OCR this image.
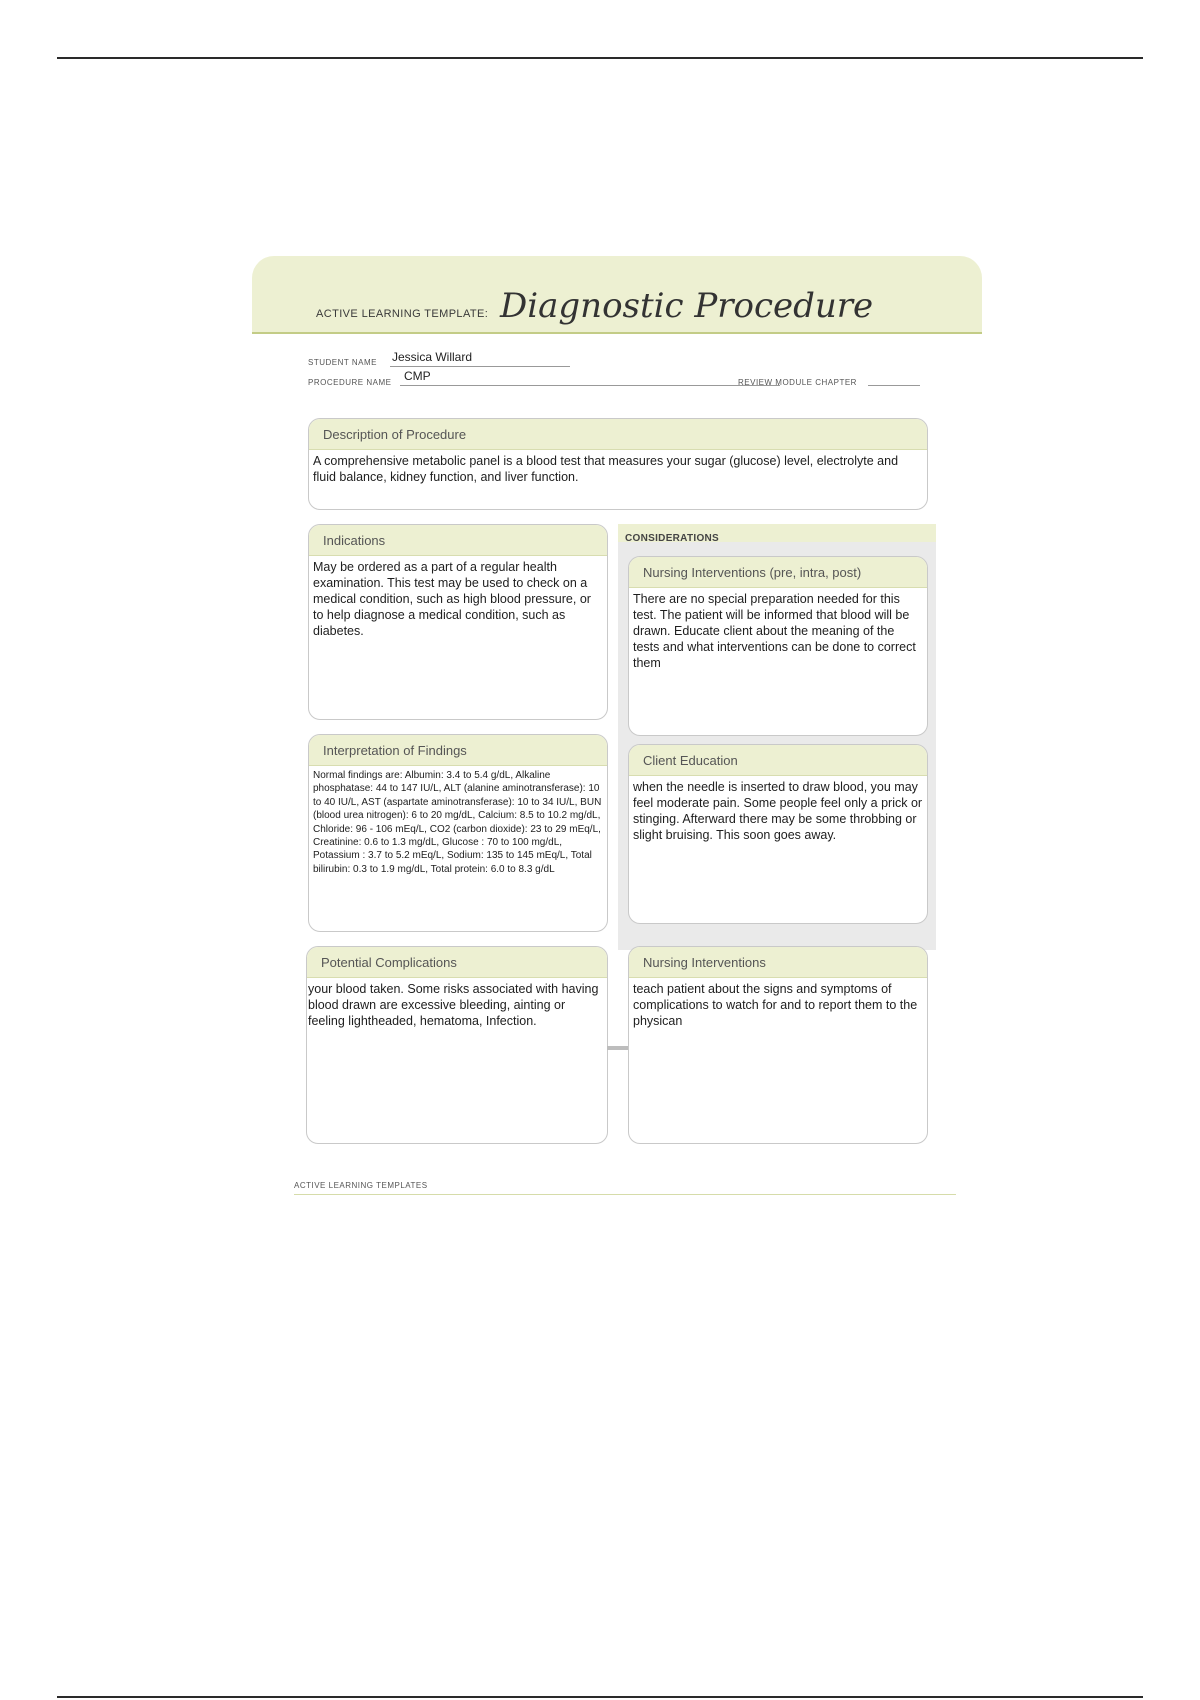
ACTIVE LEARNING TEMPLATE: Diagnostic Procedure
STUDENT NAME Jessica Willard
PROCEDURE NAME CMP	REVIEW MODULE CHAPTER
Description of Procedure
A comprehensive metabolic panel is a blood test that measures your sugar (glucose) level, electrolyte and fluid balance, kidney function, and liver function.
CONSIDERATIONS
Indications
May be ordered as a part of a regular health examination. This test may be used to check on a medical condition, such as high blood pressure, or to help diagnose a medical condition, such as diabetes.
Nursing Interventions (pre, intra, post)
There are no special preparation needed for this test. The patient will be informed that blood will be drawn. Educate client about the meaning of the tests and what interventions can be done to correct them
Interpretation of Findings
Normal findings are: Albumin: 3.4 to 5.4 g/dL, Alkaline phosphatase: 44 to 147 IU/L, ALT (alanine aminotransferase): 10 to 40 IU/L, AST (aspartate aminotransferase): 10 to 34 IU/L, BUN (blood urea nitrogen): 6 to 20 mg/dL, Calcium: 8.5 to 10.2 mg/dL, Chloride: 96 - 106 mEq/L, CO2 (carbon dioxide): 23 to 29 mEq/L, Creatinine: 0.6 to 1.3 mg/dL, Glucose : 70 to 100 mg/dL, Potassium : 3.7 to 5.2 mEq/L, Sodium: 135 to 145 mEq/L, Total bilirubin: 0.3 to 1.9 mg/dL, Total protein: 6.0 to 8.3 g/dL
Client Education
when the needle is inserted to draw blood, you may feel moderate pain. Some people feel only a prick or stinging. Afterward there may be some throbbing or slight bruising. This soon goes away.
Potential Complications
your blood taken. Some risks associated with having blood drawn are excessive bleeding, ainting or feeling lightheaded, hematoma, Infection.
Nursing Interventions
teach patient about the signs and symptoms of complications to watch for and to report them to the physican
ACTIVE LEARNING TEMPLATES
